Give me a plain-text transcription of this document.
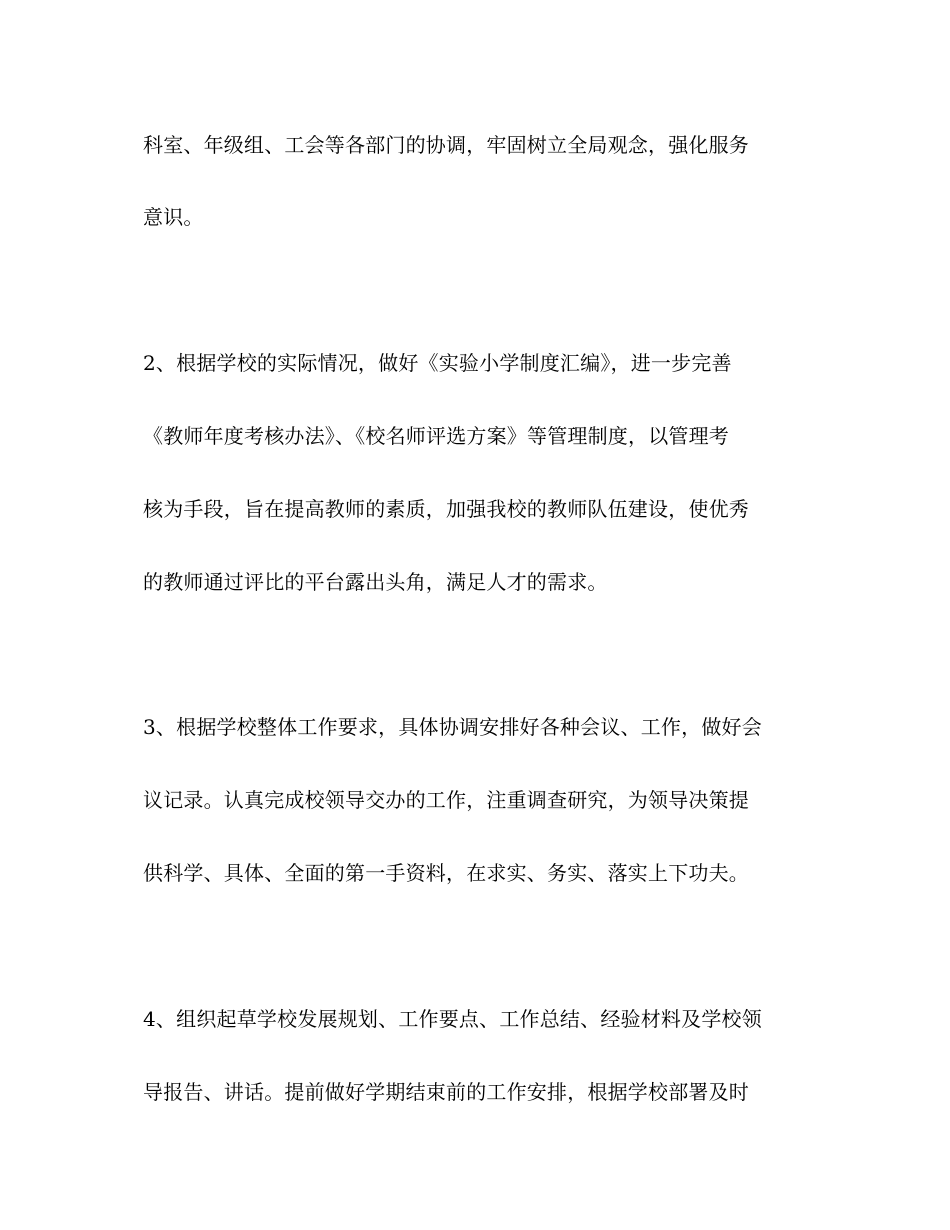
科室、年级组、工会等各部门的协调，牢固树立全局观念，强化服务

意识。

2、根据学校的实际情况，做好《实验小学制度汇编》，进一步完善

《教师年度考核办法》、《校名师评选方案》等管理制度，以管理考

核为手段，旨在提高教师的素质，加强我校的教师队伍建设，使优秀

的教师通过评比的平台露出头角，满足人才的需求。

3、根据学校整体工作要求，具体协调安排好各种会议、工作，做好会

议记录。认真完成校领导交办的工作，注重调查研究，为领导决策提

供科学、具体、全面的第一手资料，在求实、务实、落实上下功夫。

4、组织起草学校发展规划、工作要点、工作总结、经验材料及学校领

导报告、讲话。提前做好学期结束前的工作安排，根据学校部署及时
